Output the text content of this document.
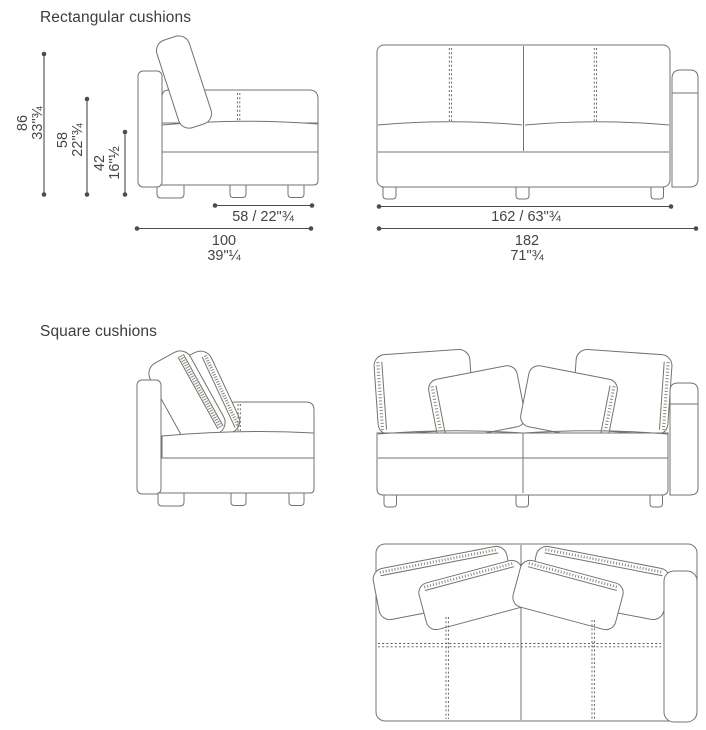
Rectangular cushions
86 33"¾
58 22"¾
42 16"½
58 / 22"¾
100
39"¼
162 / 63"¾
182
71"¾
Square cushions
